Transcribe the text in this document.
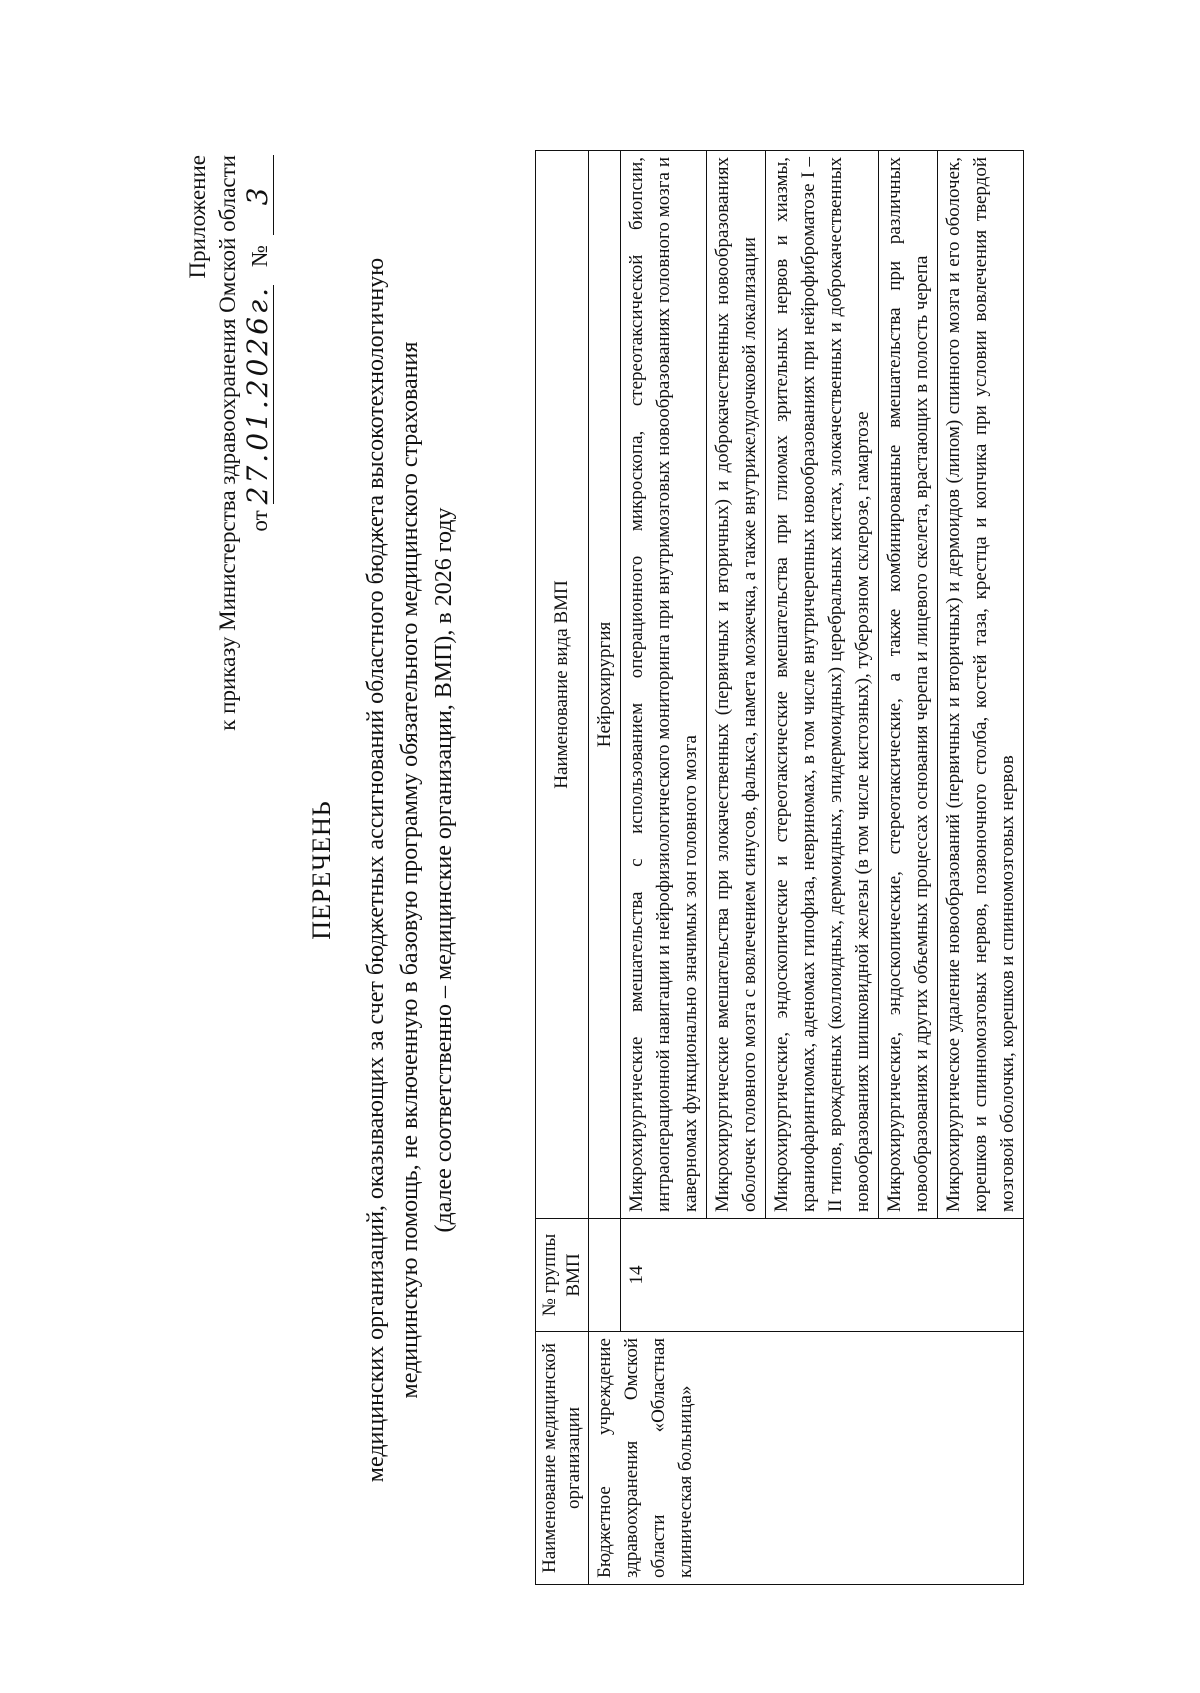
Приложение к приказу Министерства здравоохранения Омской области от27.01.2026г.№3
ПЕРЕЧЕНЬ медицинских организаций, оказывающих за счет бюджетных ассигнований областного бюджета высокотехнологичную медицинскую помощь, не включенную в базовую программу обязательного медицинского страхования (далее соответственно – медицинские организации, ВМП), в 2026 году
Наименование медицинской организации	№ группы ВМП	Наименование вида ВМП
Бюджетное учреждение здравоохранения Омской области «Областная клиническая больница»		Нейрохирургия
	14	Микрохирургические вмешательства с использованием операционного микроскопа, стереотаксической биопсии, интраоперационной навигации и нейрофизиологического мониторинга при внутримозговых новообразованиях головного мозга и каверномах функционально значимых зон головного мозга
		Микрохирургические вмешательства при злокачественных (первичных и вторичных) и доброкачественных новообразованиях оболочек головного мозга с вовлечением синусов, фалькса, намета мозжечка, а также внутрижелудочковой локализации
		Микрохирургические, эндоскопические и стереотаксические вмешательства при глиомах зрительных нервов и хиазмы, краниофарингиомах, аденомах гипофиза, невриномах, в том числе внутричерепных новообразованиях при нейрофиброматозе I – II типов, врожденных (коллоидных, дермоидных, эпидермоидных) церебральных кистах, злокачественных и доброкачественных новообразованиях шишковидной железы (в том числе кистозных), туберозном склерозе, гамартозе
		Микрохирургические, эндоскопические, стереотаксические, а также комбинированные вмешательства при различных новообразованиях и других объемных процессах основания черепа и лицевого скелета, врастающих в полость черепа
		Микрохирургическое удаление новообразований (первичных и вторичных) и дермоидов (липом) спинного мозга и его оболочек, корешков и спинномозговых нервов, позвоночного столба, костей таза, крестца и копчика при условии вовлечения твердой мозговой оболочки, корешков и спинномозговых нервов
